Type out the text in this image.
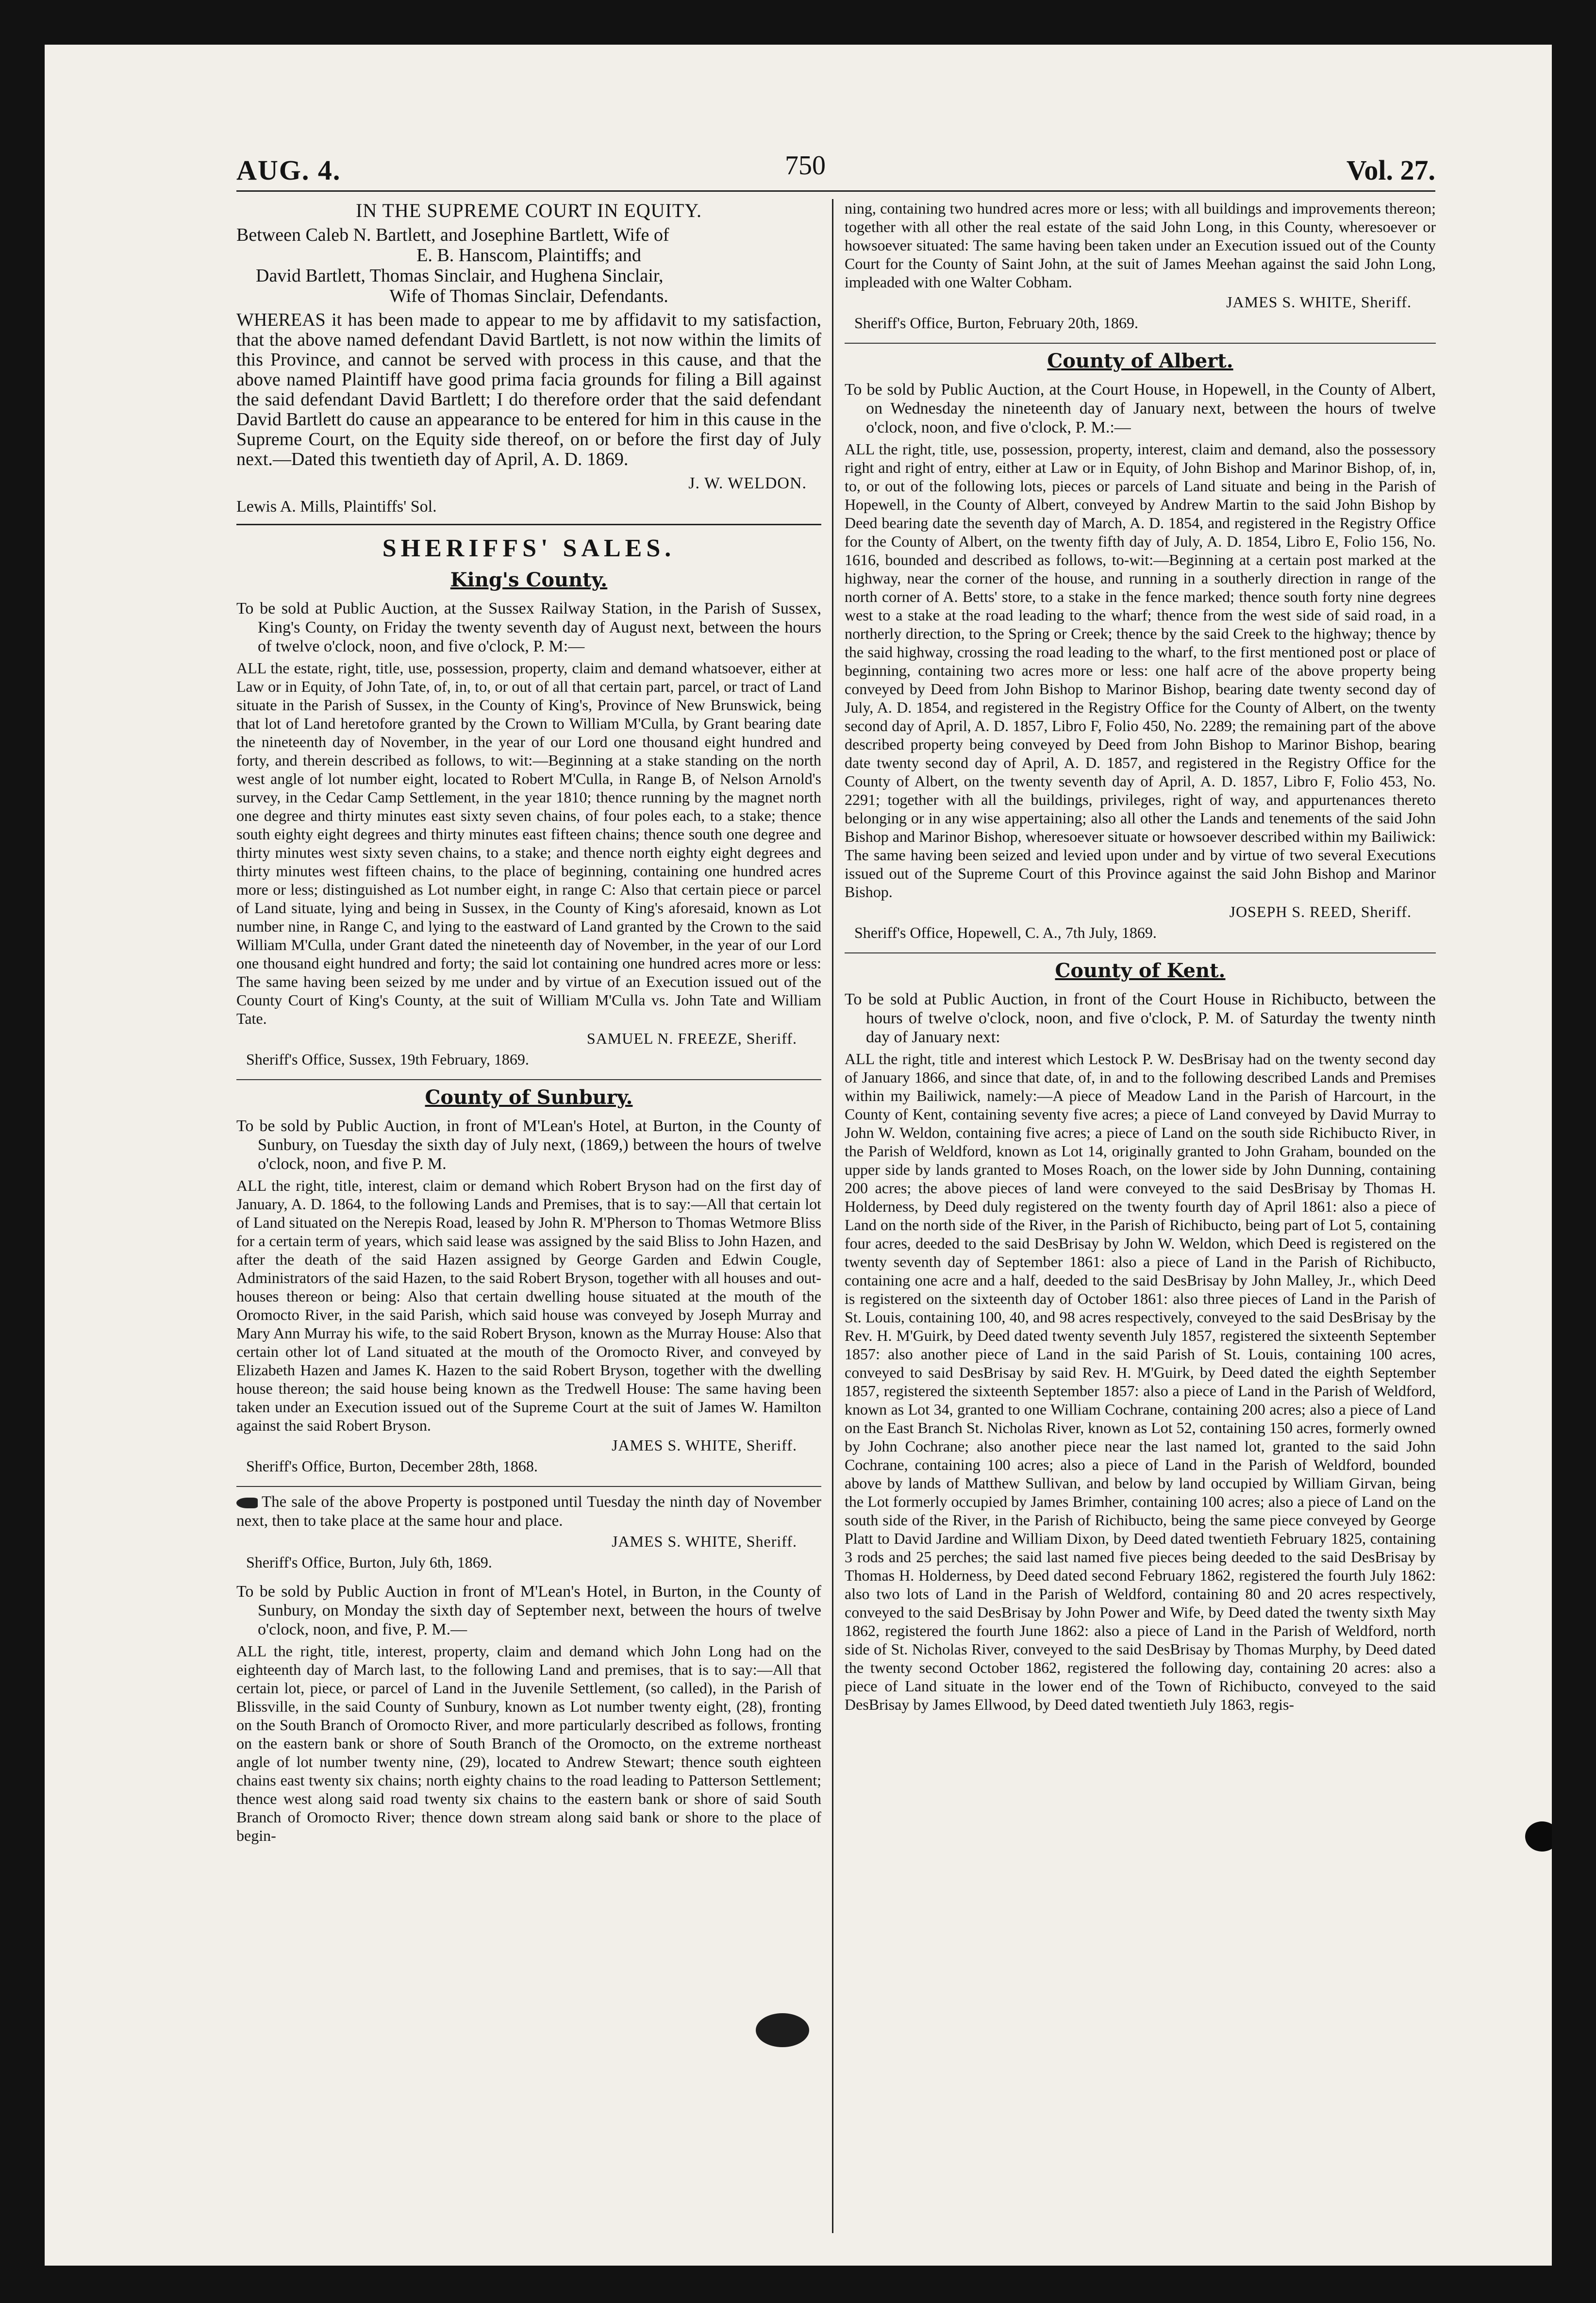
AUG. 4.	750	Vol. 27.
IN THE SUPREME COURT IN EQUITY.
Between Caleb N. Bartlett, and Josephine Bartlett, Wife of
E. B. Hanscom, Plaintiffs; and
David Bartlett, Thomas Sinclair, and Hughena Sinclair,
Wife of Thomas Sinclair, Defendants.
WHEREAS it has been made to appear to me by affidavit to my satisfaction, that the above named defendant David Bartlett, is not now within the limits of this Province, and cannot be served with process in this cause, and that the above named Plaintiff have good prima facia grounds for filing a Bill against the said defendant David Bartlett; I do therefore order that the said defendant David Bartlett do cause an appearance to be entered for him in this cause in the Supreme Court, on the Equity side thereof, on or before the first day of July next.—Dated this twentieth day of April, A. D. 1869.
J. W. WELDON.
Lewis A. Mills, Plaintiffs' Sol.
SHERIFFS' SALES.
King's County.
To be sold at Public Auction, at the Sussex Railway Station, in the Parish of Sussex, King's County, on Friday the twenty seventh day of August next, between the hours of twelve o'clock, noon, and five o'clock, P. M:—
ALL the estate, right, title, use, possession, property, claim and demand whatsoever, either at Law or in Equity, of John Tate, of, in, to, or out of all that certain part, parcel, or tract of Land situate in the Parish of Sussex, in the County of King's, Province of New Brunswick, being that lot of Land heretofore granted by the Crown to William M'Culla, by Grant bearing date the nineteenth day of November, in the year of our Lord one thousand eight hundred and forty, and therein described as follows, to wit:—Beginning at a stake standing on the north west angle of lot number eight, located to Robert M'Culla, in Range B, of Nelson Arnold's survey, in the Cedar Camp Settlement, in the year 1810; thence running by the magnet north one degree and thirty minutes east sixty seven chains, of four poles each, to a stake; thence south eighty eight degrees and thirty minutes east fifteen chains; thence south one degree and thirty minutes west sixty seven chains, to a stake; and thence north eighty eight degrees and thirty minutes west fifteen chains, to the place of beginning, containing one hundred acres more or less; distinguished as Lot number eight, in range C: Also that certain piece or parcel of Land situate, lying and being in Sussex, in the County of King's aforesaid, known as Lot number nine, in Range C, and lying to the eastward of Land granted by the Crown to the said William M'Culla, under Grant dated the nineteenth day of November, in the year of our Lord one thousand eight hundred and forty; the said lot containing one hundred acres more or less: The same having been seized by me under and by virtue of an Execution issued out of the County Court of King's County, at the suit of William M'Culla vs. John Tate and William Tate.
SAMUEL N. FREEZE, Sheriff.
Sheriff's Office, Sussex, 19th February, 1869.
County of Sunbury.
To be sold by Public Auction, in front of M'Lean's Hotel, at Burton, in the County of Sunbury, on Tuesday the sixth day of July next, (1869,) between the hours of twelve o'clock, noon, and five P. M.
ALL the right, title, interest, claim or demand which Robert Bryson had on the first day of January, A. D. 1864, to the following Lands and Premises, that is to say:—All that certain lot of Land situated on the Nerepis Road, leased by John R. M'Pherson to Thomas Wetmore Bliss for a certain term of years, which said lease was assigned by the said Bliss to John Hazen, and after the death of the said Hazen assigned by George Garden and Edwin Cougle, Administrators of the said Hazen, to the said Robert Bryson, together with all houses and out-houses thereon or being: Also that certain dwelling house situated at the mouth of the Oromocto River, in the said Parish, which said house was conveyed by Joseph Murray and Mary Ann Murray his wife, to the said Robert Bryson, known as the Murray House: Also that certain other lot of Land situated at the mouth of the Oromocto River, and conveyed by Elizabeth Hazen and James K. Hazen to the said Robert Bryson, together with the dwelling house thereon; the said house being known as the Tredwell House: The same having been taken under an Execution issued out of the Supreme Court at the suit of James W. Hamilton against the said Robert Bryson.
JAMES S. WHITE, Sheriff.
Sheriff's Office, Burton, December 28th, 1868.
The sale of the above Property is postponed until Tuesday the ninth day of November next, then to take place at the same hour and place.
JAMES S. WHITE, Sheriff.
Sheriff's Office, Burton, July 6th, 1869.
To be sold by Public Auction in front of M'Lean's Hotel, in Burton, in the County of Sunbury, on Monday the sixth day of September next, between the hours of twelve o'clock, noon, and five, P. M.—
ALL the right, title, interest, property, claim and demand which John Long had on the eighteenth day of March last, to the following Land and premises, that is to say:—All that certain lot, piece, or parcel of Land in the Juvenile Settlement, (so called), in the Parish of Blissville, in the said County of Sunbury, known as Lot number twenty eight, (28), fronting on the South Branch of Oromocto River, and more particularly described as follows, fronting on the eastern bank or shore of South Branch of the Oromocto, on the extreme northeast angle of lot number twenty nine, (29), located to Andrew Stewart; thence south eighteen chains east twenty six chains; north eighty chains to the road leading to Patterson Settlement; thence west along said road twenty six chains to the eastern bank or shore of said South Branch of Oromocto River; thence down stream along said bank or shore to the place of begin-
ning, containing two hundred acres more or less; with all buildings and improvements thereon; together with all other the real estate of the said John Long, in this County, wheresoever or howsoever situated: The same having been taken under an Execution issued out of the County Court for the County of Saint John, at the suit of James Meehan against the said John Long, impleaded with one Walter Cobham.
JAMES S. WHITE, Sheriff.
Sheriff's Office, Burton, February 20th, 1869.
County of Albert.
To be sold by Public Auction, at the Court House, in Hopewell, in the County of Albert, on Wednesday the nineteenth day of January next, between the hours of twelve o'clock, noon, and five o'clock, P. M.:—
ALL the right, title, use, possession, property, interest, claim and demand, also the possessory right and right of entry, either at Law or in Equity, of John Bishop and Marinor Bishop, of, in, to, or out of the following lots, pieces or parcels of Land situate and being in the Parish of Hopewell, in the County of Albert, conveyed by Andrew Martin to the said John Bishop by Deed bearing date the seventh day of March, A. D. 1854, and registered in the Registry Office for the County of Albert, on the twenty fifth day of July, A. D. 1854, Libro E, Folio 156, No. 1616, bounded and described as follows, to-wit:—Beginning at a certain post marked at the highway, near the corner of the house, and running in a southerly direction in range of the north corner of A. Betts' store, to a stake in the fence marked; thence south forty nine degrees west to a stake at the road leading to the wharf; thence from the west side of said road, in a northerly direction, to the Spring or Creek; thence by the said Creek to the highway; thence by the said highway, crossing the road leading to the wharf, to the first mentioned post or place of beginning, containing two acres more or less: one half acre of the above property being conveyed by Deed from John Bishop to Marinor Bishop, bearing date twenty second day of July, A. D. 1854, and registered in the Registry Office for the County of Albert, on the twenty second day of April, A. D. 1857, Libro F, Folio 450, No. 2289; the remaining part of the above described property being conveyed by Deed from John Bishop to Marinor Bishop, bearing date twenty second day of April, A. D. 1857, and registered in the Registry Office for the County of Albert, on the twenty seventh day of April, A. D. 1857, Libro F, Folio 453, No. 2291; together with all the buildings, privileges, right of way, and appurtenances thereto belonging or in any wise appertaining; also all other the Lands and tenements of the said John Bishop and Marinor Bishop, wheresoever situate or howsoever described within my Bailiwick: The same having been seized and levied upon under and by virtue of two several Executions issued out of the Supreme Court of this Province against the said John Bishop and Marinor Bishop.
JOSEPH S. REED, Sheriff.
Sheriff's Office, Hopewell, C. A., 7th July, 1869.
County of Kent.
To be sold at Public Auction, in front of the Court House in Richibucto, between the hours of twelve o'clock, noon, and five o'clock, P. M. of Saturday the twenty ninth day of January next:
ALL the right, title and interest which Lestock P. W. DesBrisay had on the twenty second day of January 1866, and since that date, of, in and to the following described Lands and Premises within my Bailiwick, namely:—A piece of Meadow Land in the Parish of Harcourt, in the County of Kent, containing seventy five acres; a piece of Land conveyed by David Murray to John W. Weldon, containing five acres; a piece of Land on the south side Richibucto River, in the Parish of Weldford, known as Lot 14, originally granted to John Graham, bounded on the upper side by lands granted to Moses Roach, on the lower side by John Dunning, containing 200 acres; the above pieces of land were conveyed to the said DesBrisay by Thomas H. Holderness, by Deed duly registered on the twenty fourth day of April 1861: also a piece of Land on the north side of the River, in the Parish of Richibucto, being part of Lot 5, containing four acres, deeded to the said DesBrisay by John W. Weldon, which Deed is registered on the twenty seventh day of September 1861: also a piece of Land in the Parish of Richibucto, containing one acre and a half, deeded to the said DesBrisay by John Malley, Jr., which Deed is registered on the sixteenth day of October 1861: also three pieces of Land in the Parish of St. Louis, containing 100, 40, and 98 acres respectively, conveyed to the said DesBrisay by the Rev. H. M'Guirk, by Deed dated twenty seventh July 1857, registered the sixteenth September 1857: also another piece of Land in the said Parish of St. Louis, containing 100 acres, conveyed to said DesBrisay by said Rev. H. M'Guirk, by Deed dated the eighth September 1857, registered the sixteenth September 1857: also a piece of Land in the Parish of Weldford, known as Lot 34, granted to one William Cochrane, containing 200 acres; also a piece of Land on the East Branch St. Nicholas River, known as Lot 52, containing 150 acres, formerly owned by John Cochrane; also another piece near the last named lot, granted to the said John Cochrane, containing 100 acres; also a piece of Land in the Parish of Weldford, bounded above by lands of Matthew Sullivan, and below by land occupied by William Girvan, being the Lot formerly occupied by James Brimher, containing 100 acres; also a piece of Land on the south side of the River, in the Parish of Richibucto, being the same piece conveyed by George Platt to David Jardine and William Dixon, by Deed dated twentieth February 1825, containing 3 rods and 25 perches; the said last named five pieces being deeded to the said DesBrisay by Thomas H. Holderness, by Deed dated second February 1862, registered the fourth July 1862: also two lots of Land in the Parish of Weldford, containing 80 and 20 acres respectively, conveyed to the said DesBrisay by John Power and Wife, by Deed dated the twenty sixth May 1862, registered the fourth June 1862: also a piece of Land in the Parish of Weldford, north side of St. Nicholas River, conveyed to the said DesBrisay by Thomas Murphy, by Deed dated the twenty second October 1862, registered the following day, containing 20 acres: also a piece of Land situate in the lower end of the Town of Richibucto, conveyed to the said DesBrisay by James Ellwood, by Deed dated twentieth July 1863, regis-
